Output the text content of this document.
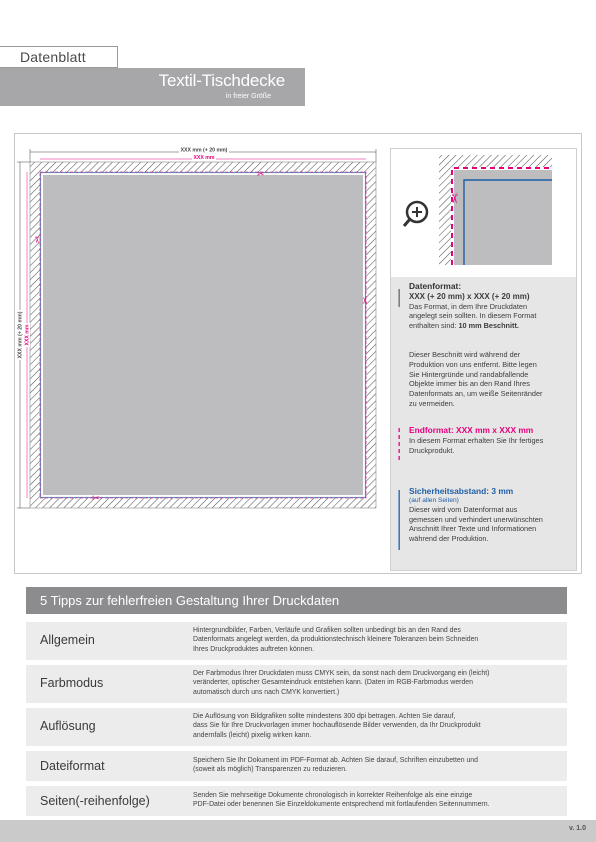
Datenblatt
Textil-Tischdecke
in freier Größe
XXX mm (+ 20 mm)
XXX mm
XXX mm (+ 20 mm) XXX mm
✂
✂
✂
✂
✂
Datenformat:
XXX (+ 20 mm) x XXX (+ 20 mm)
Das Format, in dem Ihre Druckdaten
angelegt sein sollten. In diesem Format
enthalten sind: 10 mm Beschnitt.
Dieser Beschnitt wird während der
Produktion von uns entfernt. Bitte legen
Sie Hintergründe und randabfallende
Objekte immer bis an den Rand Ihres
Datenformats an, um weiße Seitenränder
zu vermeiden.
Endformat: XXX mm x XXX mm
In diesem Format erhalten Sie Ihr fertiges
Druckprodukt.
Sicherheitsabstand: 3 mm
(auf allen Seiten)
Dieser wird vom Datenformat aus
gemessen und verhindert unerwünschten
Anschnitt Ihrer Texte und Informationen
während der Produktion.
5 Tipps zur fehlerfreien Gestaltung Ihrer Druckdaten
Allgemein
Hintergrundbilder, Farben, Verläufe und Grafiken sollten unbedingt bis an den Rand des
Datenformats angelegt werden, da produktionstechnisch kleinere Toleranzen beim Schneiden
Ihres Druckproduktes auftreten können.
Farbmodus
Der Farbmodus Ihrer Druckdaten muss CMYK sein, da sonst nach dem Druckvorgang ein (leicht)
veränderter, optischer Gesamteindruck entstehen kann. (Daten im RGB-Farbmodus werden
automatisch durch uns nach CMYK konvertiert.)
Auflösung
Die Auflösung von Bildgrafiken sollte mindestens 300 dpi betragen. Achten Sie darauf,
dass Sie für Ihre Druckvorlagen immer hochauflösende Bilder verwenden, da Ihr Druckprodukt
andernfalls (leicht) pixelig wirken kann.
Dateiformat	Speichern Sie Ihr Dokument im PDF-Format ab. Achten Sie darauf, Schriften einzubetten und
(soweit als möglich) Transparenzen zu reduzieren.
Seiten(-reihenfolge)	Senden Sie mehrseitige Dokumente chronologisch in korrekter Reihenfolge als eine einzige
PDF-Datei oder benennen Sie Einzeldokumente entsprechend mit fortlaufenden Seitennummern.
v. 1.0
